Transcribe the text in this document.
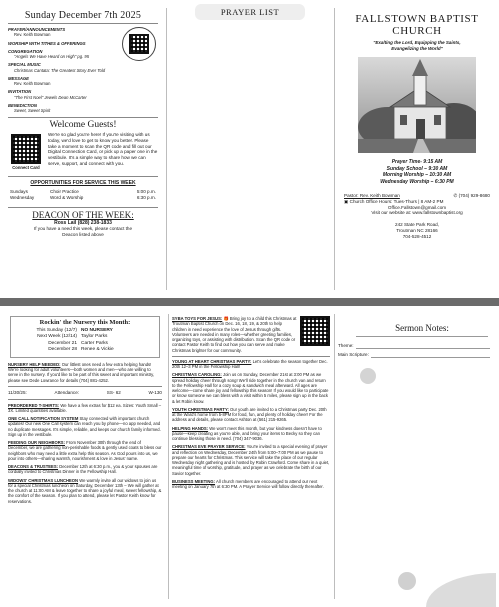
Sunday December 7th 2025
PRAYER/ANNOUNCEMENTS
Rev. Keith Bowman
WORSHIP WITH TITHES & OFFERINGS
CONGREGATION
"Angels We Have Heard on High" pg. 95
SPECIAL MUSIC
Christmas Cantata: The Greatest Story Ever Told
MESSAGE
Rev. Keith Bowman
INVITATION
"The First Noel" Jewels Dean McCarter
BENEDICTION
Sweet, Sweet Spirit
Welcome Guests!
Connect Card
We're so glad you're here! If you're visiting with us today, we'd love to get to know you better. Please take a moment to scan the QR code and fill out our Digital Connection Card, or pick up a paper one in the vestibule. It's a simple way to share how we can serve, support, and connect with you.
OPPORTUNITIES FOR SERVICE THIS WEEK
Sundays	Choir Practice	5:00 p.m.
Wednesday	Word & Worship	6:30 p.m.
DEACON OF THE WEEK:
Ross Lail (828) 238-1833
If you have a need this week, please contact the Deacon listed above
PRAYER LIST
FALLSTOWN BAPTIST
CHURCH
"Exalting the Lord, Equipping the Saints, Evangelizing the World"
Prayer Time- 9:15 AM
Sunday School – 9:30 AM
Morning Worship – 10:30 AM
Wednesday Worship – 6:30 PM
Pastor: Rev. Keith Bowman	✆ (704) 929-8680
▣ Church Office Hours: Tues-Thurs | 8 AM-2 PM
Office.Fallstown@gmail.com
Visit our website at: www.fallstownbaptist.org
242 State Park Road,
Troutman NC 28166
704-528-4512
Rockin' the Nursery this Month:
This Sunday (12/7) NO NURSERY
Next Week (12/14) Taylor Parks
December 21 Carter Parks
December 28 Renee & Vickie
NURSERY HELP NEEDED: Our littlest ones need a few extra helping hands! We're looking for adult volunteers—both women and men—who are willing to serve in the nursery. If you'd like to be part of this sweet and important ministry, please see Dede Lowrance for details (704) 881-4252.
11/30/25:	Attendance:	SS- 62	W-130
PREORDERED T-SHIRTS: We have a few extras for $12 ea. Sizes: Youth Small – 3X. Limited quantities available.
ONE CALL NOTIFICATION SYSTEM Stay connected with important church updates! Our new One Call system can reach you by phone—no app needed, and no duplicate messages. It's simple, reliable, and keeps our church family informed. Sign up in the vestibule.
FEEDING OUR NEIGHBORS: From November 30th through the end of December, we are gathering non-perishable foods & gently used coats to bless our neighbors who may need a little extra help this season. As God pours into us, we pour into others—sharing warmth, nourishment & love in Jesus' name.
DEACONS & TRUSTEES: December 12th at 6:30 p.m., you & your spouses are cordially invited to Christmas Dinner in the Fellowship Hall.
WIDOWS' CHRISTMAS LUNCHEON We warmly invite all our widows to join us for a special Christmas luncheon on Saturday, December 13th – We will gather at the church at 11:00 AM & leave together to share a joyful meal, sweet fellowship, & the comfort of the season. If you plan to attend, please let Pastor Keith know for reservations.
SYBA TOYS FOR JESUS: 🎁 Bring joy to a child this Christmas at Troutman Baptist Church on Dec. 16, 18, 19, & 20th to help children in need experience the love of Jesus through gifts. Volunteers are needed in many roles—whether greeting families, organizing toys, or assisting with distribution. Scan the QR code or contact Pastor Keith to find out how you can serve and make Christmas brighter for our community.
YOUNG AT HEART CHRISTMAS PARTY: Let's celebrate the season together Dec. 20th 12–3 PM in the Fellowship Hall!
CHRISTMAS CAROLING: Join us on Sunday, December 21st at 3:00 PM as we spread holiday cheer through song! We'll ride together in the church van and return to the Fellowship Hall for a cozy soup & sandwich meal afterward. All ages are welcome—come share joy and fellowship this season! If you would like to participate or know someone we can bless with a visit within 5 miles, please sign up in the back & let Robin know.
YOUTH CHRISTMAS PARTY: Our youth are invited to a Christmas party Dec. 20th at the Ward's home from 5-8PM for food, fun, and plenty of holiday cheer! For the address and details, please contact Ashton at (561) 215-9265.
HELPING HANDS: We won't meet this month, but your kindness doesn't have to pause—keep creating as you're able, and bring your items to Becky so they can continue blessing those in need. (704) 347-9036.
CHRISTMAS EVE PRAYER SERVICE: You're invited to a special evening of prayer and reflection on Wednesday, December 24th from 5:00–7:00 PM as we pause to prepare our hearts for Christmas. This service will take the place of our regular Wednesday night gathering and is hosted by Robin Crawford. Come share in a quiet, meaningful time of worship, gratitude, and prayer as we celebrate the birth of our Savior together.
BUSINESS MEETING: All church members are encouraged to attend our next meeting on January 7th at 6:30 PM. A Prayer Service will follow directly thereafter.
Sermon Notes:
Theme:
Main Scripture:
